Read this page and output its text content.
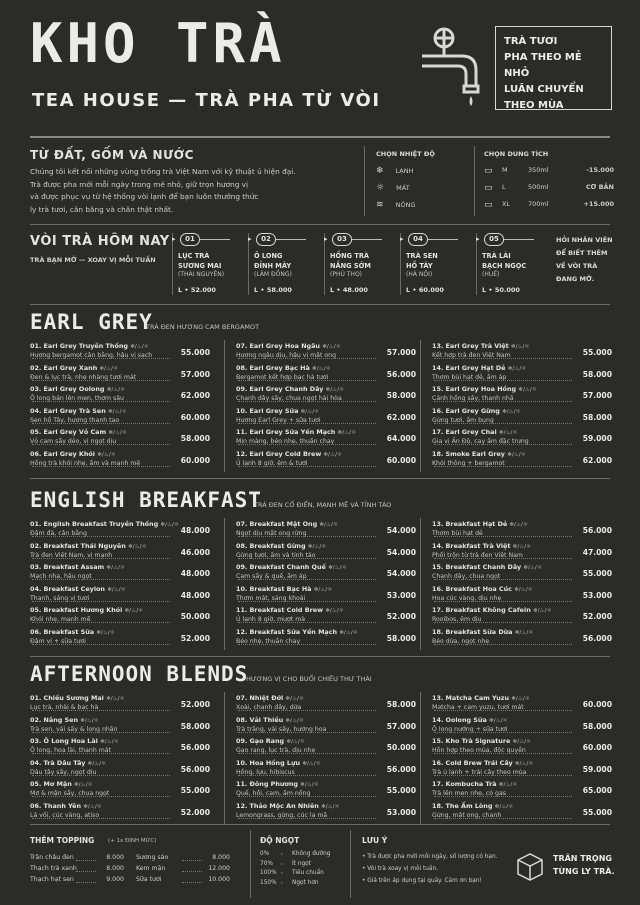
KHO TRÀ
TEA HOUSE — TRÀ PHA TỪ VÒI
TRÀ TƯƠI
PHA THEO MẺ NHỎ
LUÂN CHUYỂN
THEO MÙA
TỪ ĐẤT, GỐM VÀ NƯỚC
Chúng tôi kết nối những vùng trồng trà Việt Nam với kỹ thuật ủ hiện đại.
Trà được pha mới mỗi ngày trong mẻ nhỏ, giữ trọn hương vị
và được phục vụ từ hệ thống vòi lạnh để bạn luôn thưởng thức
ly trà tươi, cân bằng và chân thật nhất.
CHỌN NHIỆT ĐỘ
❄ LẠNH
☼ MÁT
≋ NÓNG
CHỌN DUNG TÍCH
▭ M	350ml	-15.000
▭ L	500ml	CƠ BẢN
▭ XL	700ml	+15.000
VÒI TRÀ HÔM NAY
TRÀ BẠN MỞ — XOAY VỊ MỖI TUẦN
▸	01
LỤC TRÀ
SƯƠNG MAI
(THÁI NGUYÊN)
L • 52.000
▸	02
Ô LONG
ĐỈNH MÂY
(LÂM ĐỒNG)
L • 58.000
▸	03
HỒNG TRÀ
NẮNG SỚM
(PHÚ THỌ)
L • 48.000
▸	04
TRÀ SEN
HỒ TÂY
(HÀ NỘI)
L • 60.000
▸	05
TRÀ LÀI
BẠCH NGỌC
(HUẾ)
L • 50.000
HỎI NHÂN VIÊN
ĐỂ BIẾT THÊM
VỀ VÒI TRÀ
ĐANG MỞ.
EARL GREY
TRÀ ĐEN HƯƠNG CAM BERGAMOT
01. Earl Grey Truyền Thống ❄/♨/☼
Hương bergamot cân bằng, hậu vị sạch	55.000
02. Earl Grey Xanh ❄/♨/☼
Đen & lục trà, nhẹ nhàng tươi mát	57.000
03. Earl Grey Oolong ❄/♨/☼
Ô long bán lên men, thơm sâu	62.000
04. Earl Grey Trà Sen ❄/♨/☼
Sen hồ Tây, hương thanh tao	60.000
05. Earl Grey Vỏ Cam ❄/♨/☼
Vỏ cam sấy dẻo, vị ngọt dịu	58.000
06. Earl Grey Khói ❄/♨/☼
Hồng trà khói nhẹ, ấm và mạnh mẽ	60.000
07. Earl Grey Hoa Ngâu ❄/♨/☼
Hương ngâu dịu, hậu vị mật ong	57.000
08. Earl Grey Bạc Hà ❄/♨/☼
Bergamot kết hợp bạc hà tươi	56.000
09. Earl Grey Chanh Dây ❄/♨/☼
Chanh dây sấy, chua ngọt hài hòa	58.000
10. Earl Grey Sữa ❄/♨/☼
Hương Earl Grey + sữa tươi	62.000
11. Earl Grey Sữa Yến Mạch ❄/♨/☼
Mịn màng, béo nhẹ, thuần chay	64.000
12. Earl Grey Cold Brew ❄/♨/☼
Ủ lạnh 8 giờ, êm & tươi	60.000
13. Earl Grey Trà Việt ❄/♨/☼
Kết hợp trà đen Việt Nam	55.000
14. Earl Grey Hạt Dẻ ❄/♨/☼
Thơm bùi hạt dẻ, ấm áp	58.000
15. Earl Grey Hoa Hồng ❄/♨/☼
Cánh hồng sấy, thanh nhã	57.000
16. Earl Grey Gừng ❄/♨/☼
Gừng tươi, ấm bụng	58.000
17. Earl Grey Chai ❄/♨/☼
Gia vị Ấn Độ, cay ấm đặc trưng	59.000
18. Smoke Earl Grey ❄/♨/☼
Khói thông + bergamot	62.000
ENGLISH BREAKFAST
TRÀ ĐEN CỔ ĐIỂN, MẠNH MẼ VÀ TỈNH TÁO
01. English Breakfast Truyền Thống ❄/♨/☼
Đậm đà, cân bằng	48.000
02. Breakfast Thái Nguyên ❄/♨/☼
Trà đen Việt Nam, vị mạnh	46.000
03. Breakfast Assam ❄/♨/☼
Mạch nha, hậu ngọt	48.000
04. Breakfast Ceylon ❄/♨/☼
Thanh, sáng vị tươi	48.000
05. Breakfast Hương Khói ❄/♨/☼
Khói nhẹ, mạnh mẽ	50.000
06. Breakfast Sữa ❄/♨/☼
Đậm vị + sữa tươi	52.000
07. Breakfast Mật Ong ❄/♨/☼
Ngọt dịu mật ong rừng	54.000
08. Breakfast Gừng ❄/♨/☼
Gừng tươi, ấm và tỉnh táo	54.000
09. Breakfast Chanh Quế ❄/♨/☼
Cam sấy & quế, ấm áp	54.000
10. Breakfast Bạc Hà ❄/♨/☼
Thơm mát, sảng khoái	53.000
11. Breakfast Cold Brew ❄/♨/☼
Ủ lạnh 8 giờ, mượt mà	52.000
12. Breakfast Sữa Yến Mạch ❄/♨/☼
Béo nhẹ, thuần chay	58.000
13. Breakfast Hạt Dẻ ❄/♨/☼
Thơm bùi hạt dẻ	56.000
14. Breakfast Trà Việt ❄/♨/☼
Phối trộn từ trà đen Việt Nam	47.000
15. Breakfast Chanh Dây ❄/♨/☼
Chanh dây, chua ngọt	55.000
16. Breakfast Hoa Cúc ❄/♨/☼
Hoa cúc vàng, dịu nhẹ	53.000
17. Breakfast Không Cafein ❄/♨/☼
Rooibos, êm dịu	52.000
18. Breakfast Sữa Dừa ❄/♨/☼
Béo dừa, ngọt nhẹ	56.000
AFTERNOON BLENDS
HƯƠNG VỊ CHO BUỔI CHIỀU THƯ THÁI
01. Chiều Sương Mai ❄/♨/☼
Lục trà, nhài & bạc hà	52.000
02. Nắng Sen ❄/♨/☼
Trà sen, vải sấy & long nhãn	58.000
03. Ô Long Hoa Lài ❄/♨/☼
Ô long, hoa lài, thanh mát	56.000
04. Trà Dâu Tây ❄/♨/☼
Dâu tây sấy, ngọt dịu	56.000
05. Mơ Mận ❄/♨/☼
Mơ & mận sấy, chua ngọt	55.000
06. Thanh Yên ❄/♨/☼
Lá vối, cúc vàng, atiso	52.000
07. Nhiệt Đới ❄/♨/☼
Xoài, chanh dây, dứa	58.000
08. Vải Thiều ❄/♨/☼
Trà trắng, vải sấy, hương hoa	57.000
09. Gạo Rang ❄/♨/☼
Gạo rang, lục trà, dịu nhẹ	50.000
10. Hoa Hồng Lựu ❄/♨/☼
Hồng, lựu, hibiscus	56.000
11. Đông Phương ❄/♨/☼
Quế, hồi, cam, ấm nồng	55.000
12. Thảo Mộc An Nhiên ❄/♨/☼
Lemongrass, gừng, cúc la mã	53.000
13. Matcha Cam Yuzu ❄/♨/☼
Matcha + cam yuzu, tươi mát	60.000
14. Oolong Sữa ❄/♨/☼
Ô long nướng + sữa tươi	58.000
15. Kho Trà Signature ❄/♨/☼
Hỗn hợp theo mùa, độc quyền	60.000
16. Cold Brew Trái Cây ❄/♨/☼
Trà ủ lạnh + trái cây theo mùa	59.000
17. Kombucha Trà ❄/♨/☼
Trà lên men nhẹ, có gas	65.000
18. The Ấm Lòng ❄/♨/☼
Gừng, mật ong, chanh	55.000
THÊM TOPPING (+ 1x ĐỊNH MỨC)
Trân châu đen	8.000
Thạch trà xanh	8.000
Thạch hạt sen	9.000
Sương sáo	8.000
Kem mặn	12.000
Sữa tươi	10.000
ĐỘ NGỌT
0% ◦ Không đường
70% ◦ Ít ngọt
100% ◦ Tiêu chuẩn
150% ◦ Ngọt hơn
LƯU Ý
• Trà được pha mới mỗi ngày, số lượng có hạn.
• Vòi trà xoay vị mỗi tuần.
• Giá trên áp dụng tại quầy. Cảm ơn bạn!
TRÂN TRỌNG
TỪNG LY TRÀ.
